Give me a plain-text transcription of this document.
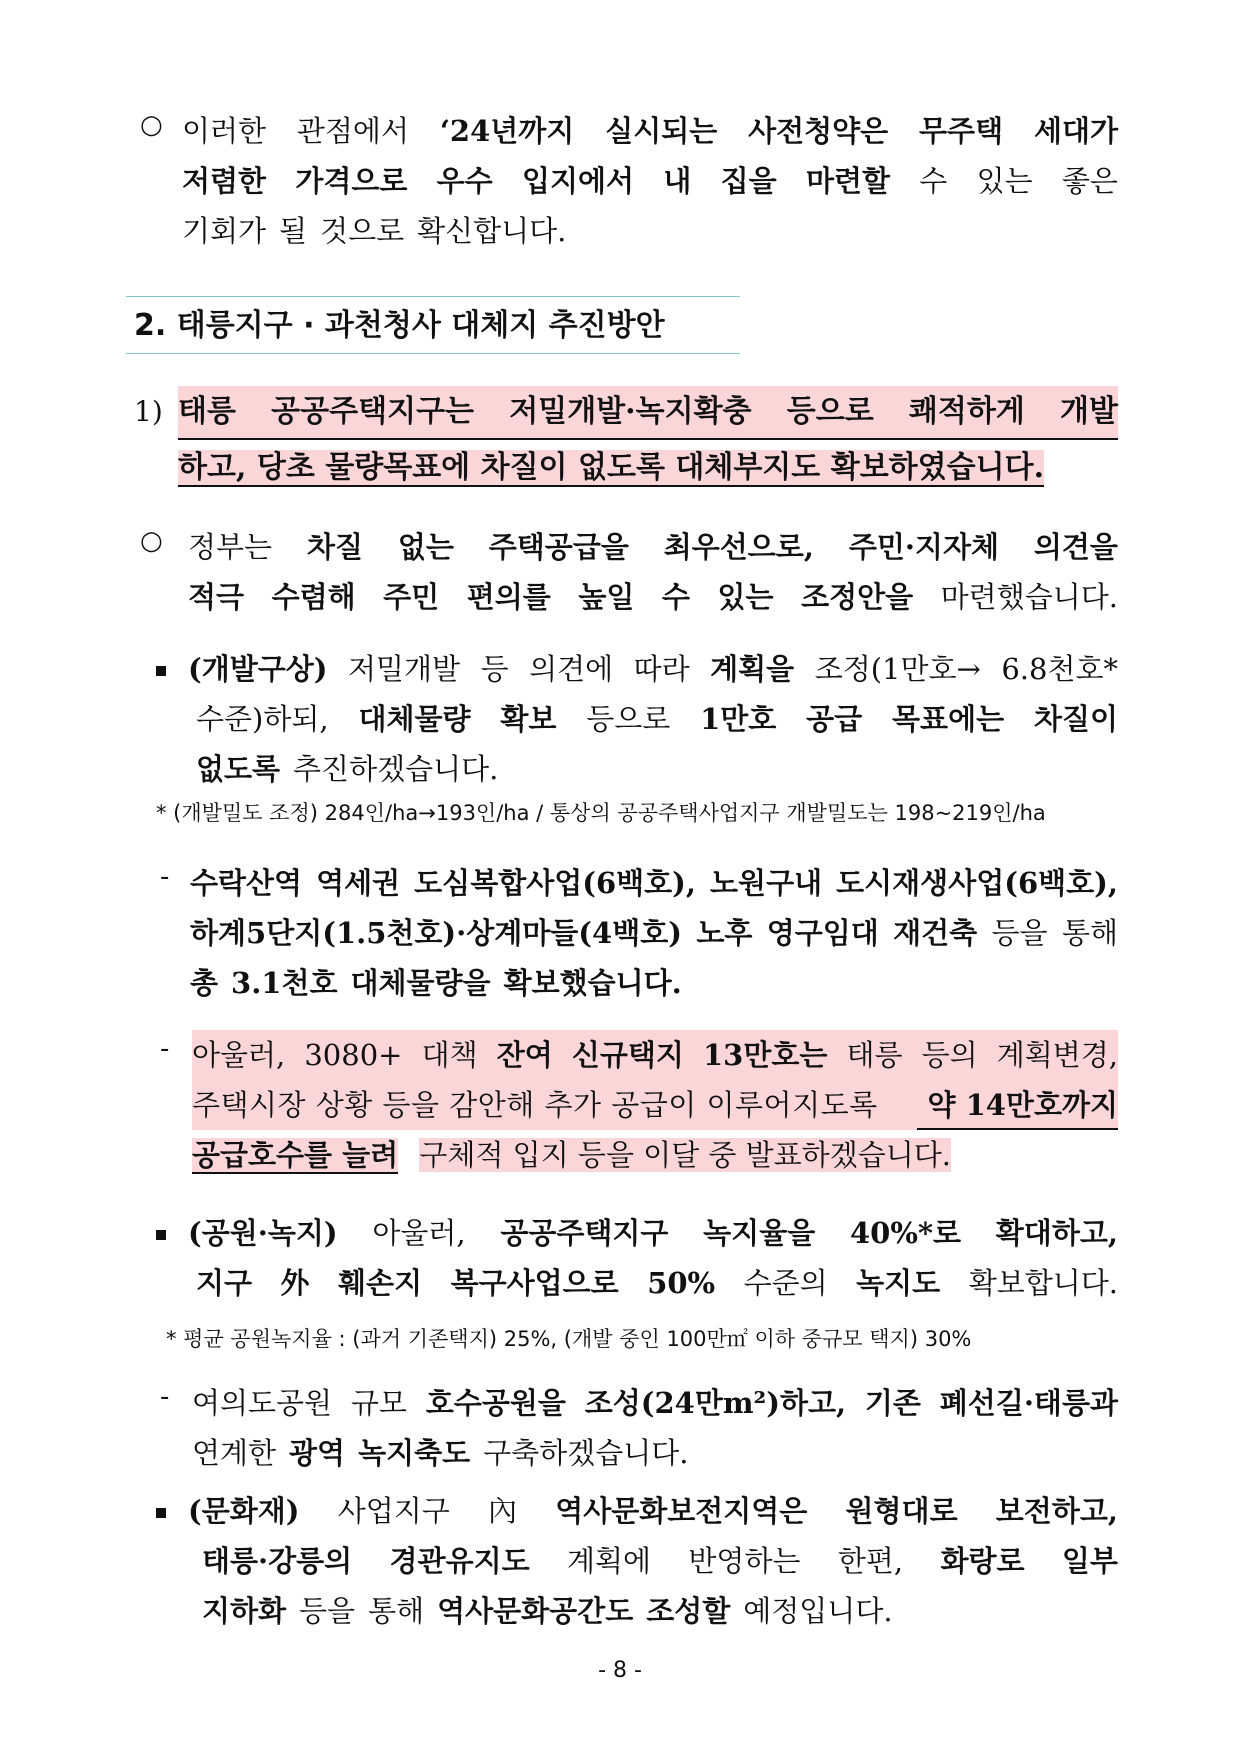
○ 이러한 관점에서 ‘24년까지 실시되는 사전청약은 무주택 세대가
저렴한 가격으로 우수 입지에서 내 집을 마련할 수 있는 좋은
기회가 될 것으로 확신합니다.
2. 태릉지구 · 과천청사 대체지 추진방안
1) 태릉 공공주택지구는 저밀개발·녹지확충 등으로 쾌적하게 개발
하고, 당초 물량목표에 차질이 없도록 대체부지도 확보하였습니다.
○ 정부는 차질 없는 주택공급을 최우선으로, 주민·지자체 의견을
적극 수렴해 주민 편의를 높일 수 있는 조정안을 마련했습니다.
(개발구상) 저밀개발 등 의견에 따라 계획을 조정(1만호→ 6.8천호*
수준)하되, 대체물량 확보 등으로 1만호 공급 목표에는 차질이
없도록 추진하겠습니다.
* (개발밀도 조정) 284인/ha→193인/ha / 통상의 공공주택사업지구 개발밀도는 198~219인/ha
- 수락산역 역세권 도심복합사업(6백호), 노원구내 도시재생사업(6백호),
하계5단지(1.5천호)·상계마들(4백호) 노후 영구임대 재건축 등을 통해
총 3.1천호 대체물량을 확보했습니다.
- 아울러, 3080+ 대책 잔여 신규택지 13만호는 태릉 등의 계획변경,
주택시장 상황 등을 감안해 추가 공급이 이루어지도록	약 14만호까지
공급호수를 늘려 구체적 입지 등을 이달 중 발표하겠습니다.
(공원·녹지) 아울러, 공공주택지구 녹지율을 40%*로 확대하고,
지구 外 훼손지 복구사업으로 50% 수준의 녹지도 확보합니다.
* 평균 공원녹지율 : (과거 기존택지) 25%, (개발 중인 100만㎡ 이하 중규모 택지) 30%
- 여의도공원 규모 호수공원을 조성(24만m²)하고, 기존 폐선길·태릉과
연계한 광역 녹지축도 구축하겠습니다.
(문화재) 사업지구 內 역사문화보전지역은 원형대로 보전하고,
태릉·강릉의 경관유지도 계획에 반영하는 한편, 화랑로 일부
지하화 등을 통해 역사문화공간도 조성할 예정입니다.
- 8 -
